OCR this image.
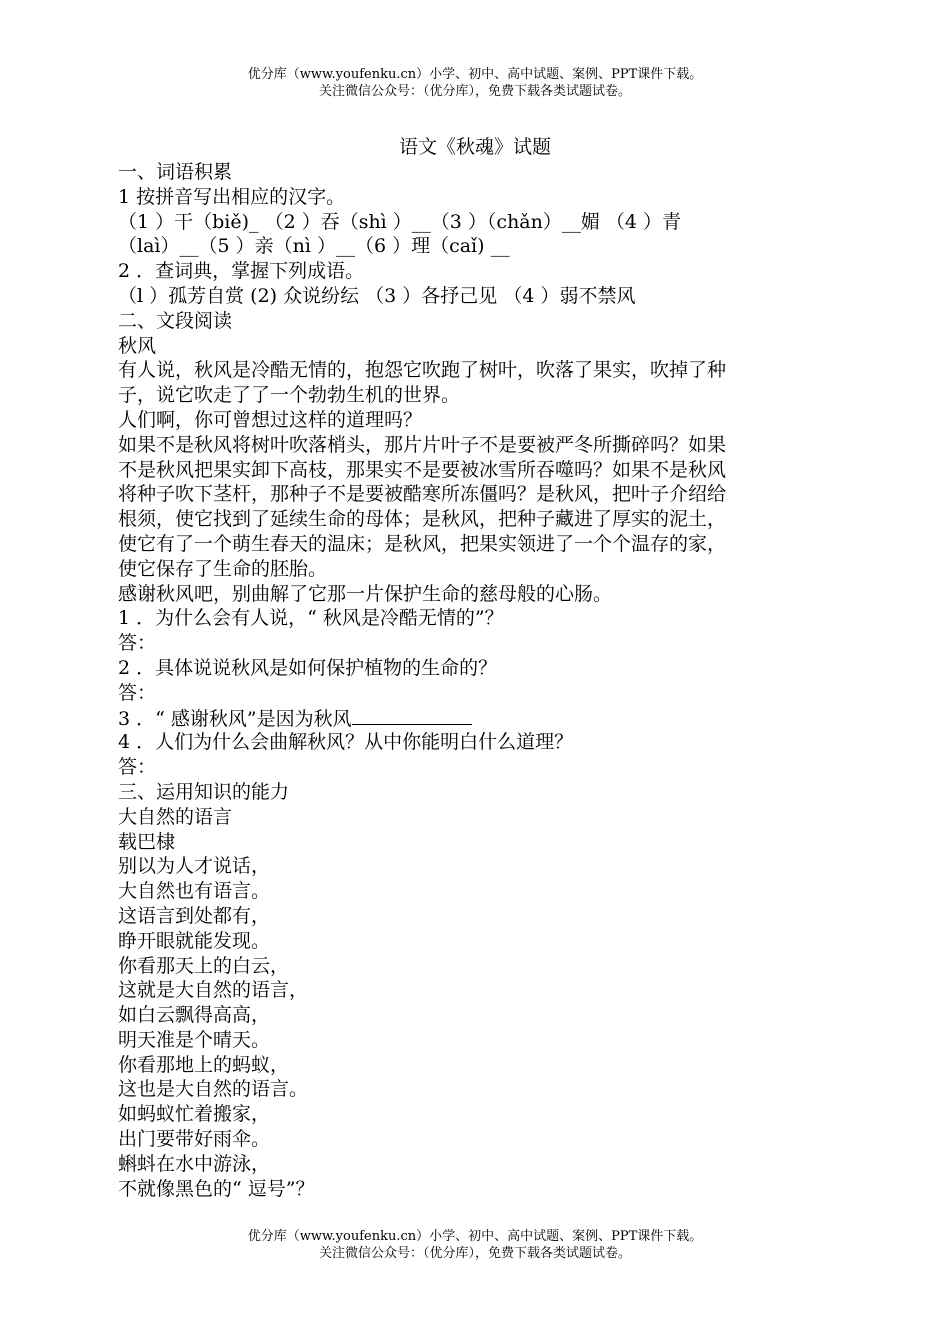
优分库（www.youfenku.cn）小学、初中、高中试题、案例、PPT课件下载。
关注微信公众号：（优分库），免费下载各类试题试卷。
语文《秋魂》试题
一、词语积累
1 按拼音写出相应的汉字。
（1 ）干（biě)_ （2 ）吞（shì ）__（3 ）（chǎn）__媚 （4 ）青
（laì）__（5 ）亲（nì ）__（6 ）理（caǐ) __
2 ．查词典，掌握下列成语。
（l ）孤芳自赏 (2) 众说纷纭 （3 ）各抒己见 （4 ）弱不禁风
二、文段阅读
秋风
有人说，秋风是冷酷无情的，抱怨它吹跑了树叶，吹落了果实，吹掉了种
子，说它吹走了了一个勃勃生机的世界。
人们啊，你可曾想过这样的道理吗？
如果不是秋风将树叶吹落梢头，那片片叶子不是要被严冬所撕碎吗？如果
不是秋风把果实卸下高枝，那果实不是要被冰雪所吞噬吗？如果不是秋风
将种子吹下茎杆，那种子不是要被酷寒所冻僵吗？是秋风，把叶子介绍给
根须，使它找到了延续生命的母体；是秋风，把种子藏进了厚实的泥土，
使它有了一个萌生春天的温床；是秋风，把果实领进了一个个温存的家，
使它保存了生命的胚胎。
感谢秋风吧，别曲解了它那一片保护生命的慈母般的心肠。
1 ．为什么会有人说，“ 秋风是冷酷无情的”？
答：
2 ．具体说说秋风是如何保护植物的生命的？
答：
3 ．“ 感谢秋风”是因为秋风
4 ．人们为什么会曲解秋风？从中你能明白什么道理？
答：
三、运用知识的能力
大自然的语言
载巴棣
别以为人才说话，
大自然也有语言。
这语言到处都有，
睁开眼就能发现。
你看那天上的白云，
这就是大自然的语言，
如白云飘得高高，
明天准是个晴天。
你看那地上的蚂蚁，
这也是大自然的语言。
如蚂蚁忙着搬家，
出门要带好雨伞。
蝌蚪在水中游泳，
不就像黑色的“ 逗号”？
优分库（www.youfenku.cn）小学、初中、高中试题、案例、PPT课件下载。
关注微信公众号：（优分库），免费下载各类试题试卷。
